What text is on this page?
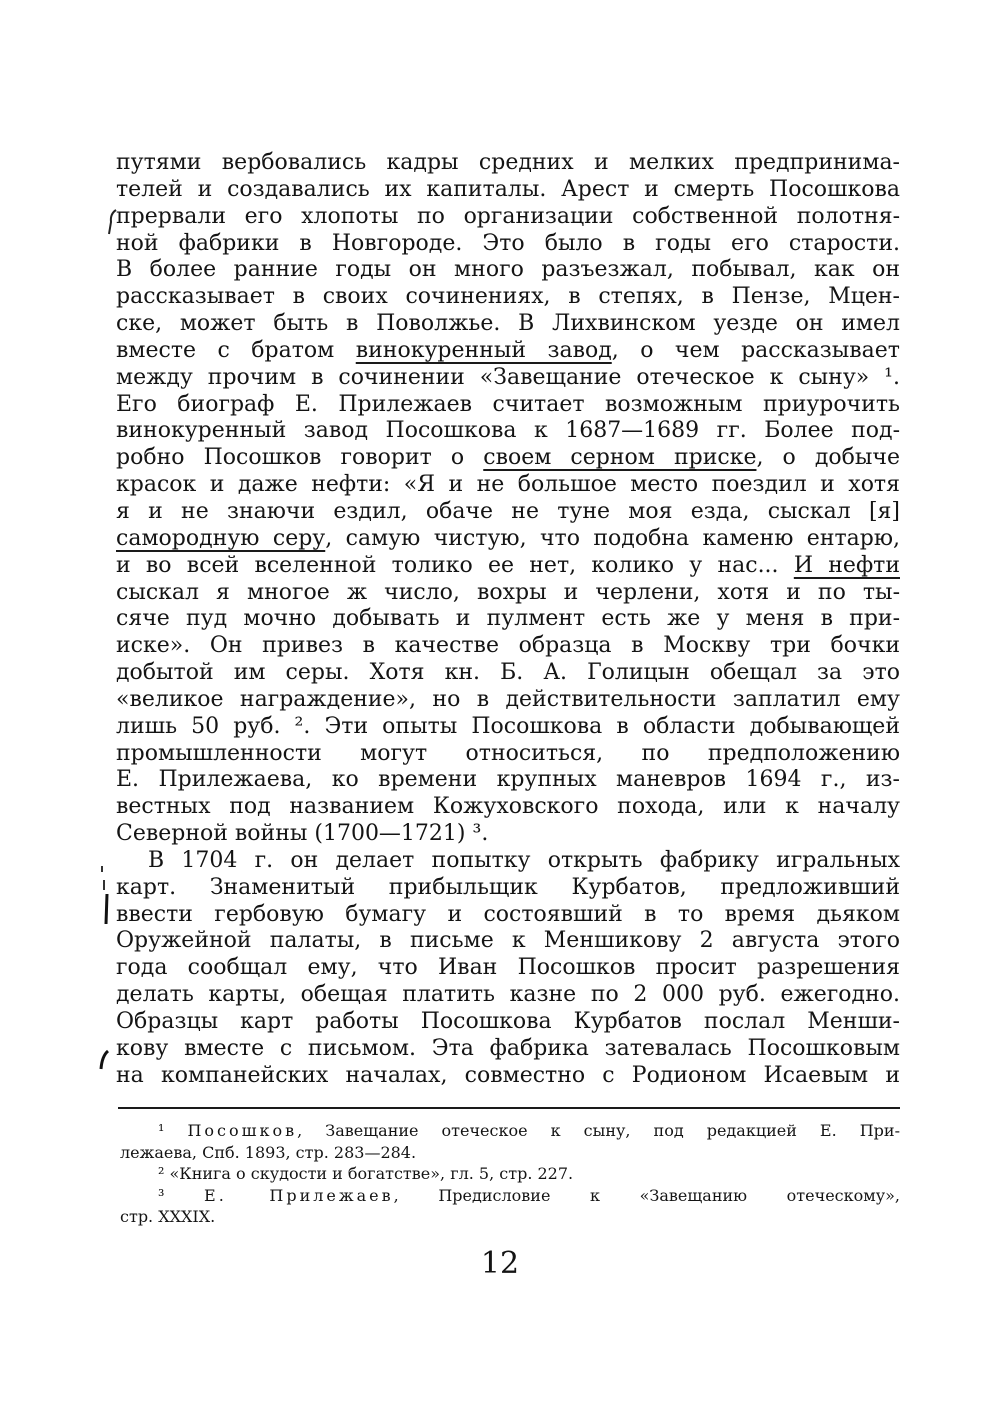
путями вербовались кадры средних и мелких предпринима-
телей и создавались их капиталы. Арест и смерть Посошкова
прервали его хлопоты по организации собственной полотня-
ной фабрики в Новгороде. Это было в годы его старости.
В более ранние годы он много разъезжал, побывал, как он
рассказывает в своих сочинениях, в степях, в Пензе, Мцен-
ске, может быть в Поволжье. В Лихвинском уезде он имел
вместе с братом винокуренный завод, о чем рассказывает
между прочим в сочинении «Завещание отеческое к сыну» ¹.
Его биограф Е. Прилежаев считает возможным приурочить
винокуренный завод Посошкова к 1687—1689 гг. Более под-
робно Посошков говорит о своем серном приске, о добыче
красок и даже нефти: «Я и не большое место поездил и хотя
я и не знаючи ездил, обаче не туне моя езда, сыскал [я]
самородную серу, самую чистую, что подобна каменю ентарю,
и во всей вселенной толико ее нет, колико у нас... И нефти
сыскал я многое ж число, вохры и черлени, хотя и по ты-
сяче пуд мочно добывать и пулмент есть же у меня в при-
иске». Он привез в качестве образца в Москву три бочки
добытой им серы. Хотя кн. Б. А. Голицын обещал за это
«великое награждение», но в действительности заплатил ему
лишь 50 руб. ². Эти опыты Посошкова в области добывающей
промышленности могут относиться, по предположению
Е. Прилежаева, ко времени крупных маневров 1694 г., из-
вестных под названием Кожуховского похода, или к началу
Северной войны (1700—1721) ³.
В 1704 г. он делает попытку открыть фабрику игральных
карт. Знаменитый прибыльщик Курбатов, предложивший
ввести гербовую бумагу и состоявший в то время дьяком
Оружейной палаты, в письме к Меншикову 2 августа этого
года сообщал ему, что Иван Посошков просит разрешения
делать карты, обещая платить казне по 2 000 руб. ежегодно.
Образцы карт работы Посошкова Курбатов послал Менши-
кову вместе с письмом. Эта фабрика затевалась Посошковым
на компанейских началах, совместно с Родионом Исаевым и
¹ Посошков, Завещание отеческое к сыну, под редакцией Е. При-
лежаева, Спб. 1893, стр. 283—284.
² «Книга о скудости и богатстве», гл. 5, стр. 227.
³ Е. Прилежаев, Предисловие к «Завещанию отеческому»,
стр. XXXIX.
12
